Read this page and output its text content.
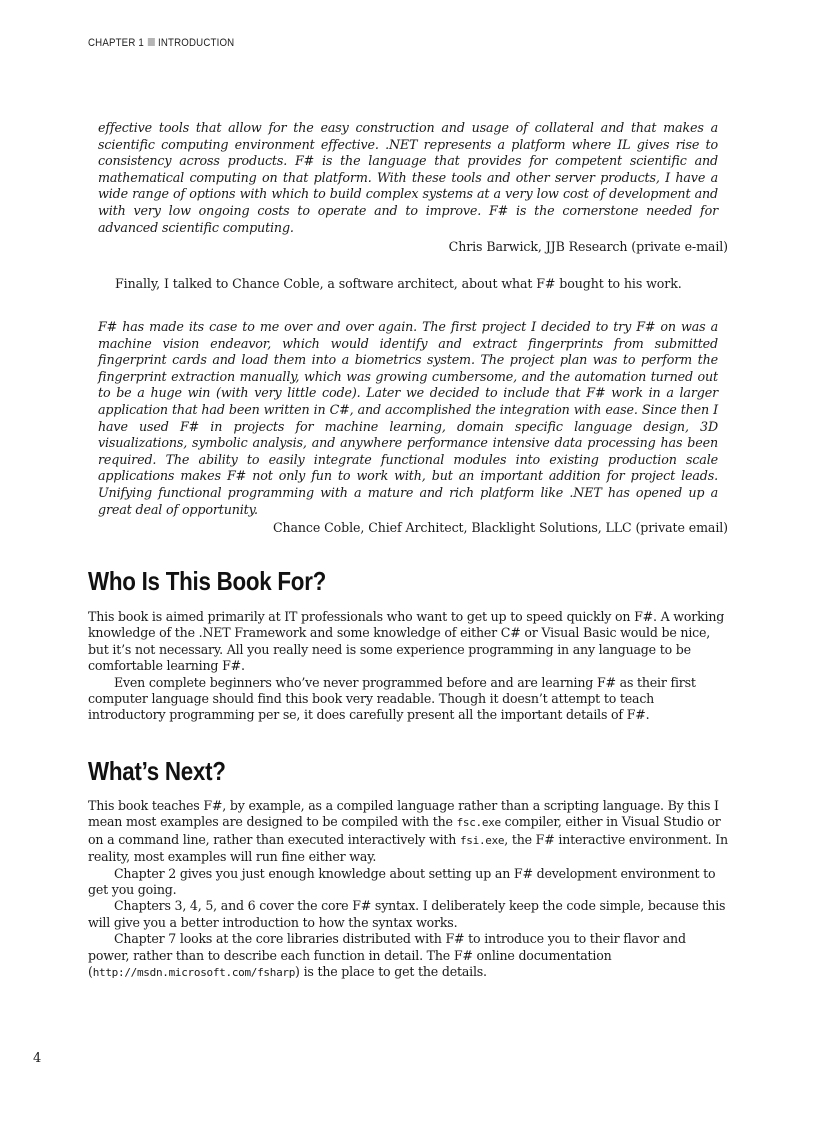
CHAPTER 1 INTRODUCTION

effective tools that allow for the easy construction and usage of collateral and that makes a scientific computing environment effective. .NET represents a platform where IL gives rise to consistency across products. F# is the language that provides for competent scientific and mathematical computing on that platform. With these tools and other server products, I have a wide range of options with which to build complex systems at a very low cost of development and with very low ongoing costs to operate and to improve. F# is the cornerstone needed for advanced scientific computing.

Chris Barwick, JJB Research (private e-mail)
Finally, I talked to Chance Coble, a software architect, about what F# bought to his work.

F# has made its case to me over and over again. The first project I decided to try F# on was a machine vision endeavor, which would identify and extract fingerprints from submitted fingerprint cards and load them into a biometrics system. The project plan was to perform the fingerprint extraction manually, which was growing cumbersome, and the automation turned out to be a huge win (with very little code). Later we decided to include that F# work in a larger application that had been written in C#, and accomplished the integration with ease. Since then I have used F# in projects for machine learning, domain specific language design, 3D visualizations, symbolic analysis, and anywhere performance intensive data processing has been required. The ability to easily integrate functional modules into existing production scale applications makes F# not only fun to work with, but an important addition for project leads. Unifying functional programming with a mature and rich platform like .NET has opened up a great deal of opportunity.

Chance Coble, Chief Architect, Blacklight Solutions, LLC (private email)
Who Is This Book For?

This book is aimed primarily at IT professionals who want to get up to speed quickly on F#. A working knowledge of the .NET Framework and some knowledge of either C# or Visual Basic would be nice, but it’s not necessary. All you really need is some experience programming in any language to be comfortable learning F#.

Even complete beginners who’ve never programmed before and are learning F# as their first computer language should find this book very readable. Though it doesn’t attempt to teach introductory programming per se, it does carefully present all the important details of F#.

What’s Next?

This book teaches F#, by example, as a compiled language rather than a scripting language. By this I mean most examples are designed to be compiled with the fsc.exe compiler, either in Visual Studio or on a command line, rather than executed interactively with fsi.exe, the F# interactive environment. In reality, most examples will run fine either way.

Chapter 2 gives you just enough knowledge about setting up an F# development environment to get you going.

Chapters 3, 4, 5, and 6 cover the core F# syntax. I deliberately keep the code simple, because this will give you a better introduction to how the syntax works.

Chapter 7 looks at the core libraries distributed with F# to introduce you to their flavor and power, rather than to describe each function in detail. The F# online documentation (http://msdn.microsoft.com/fsharp) is the place to get the details.

4
